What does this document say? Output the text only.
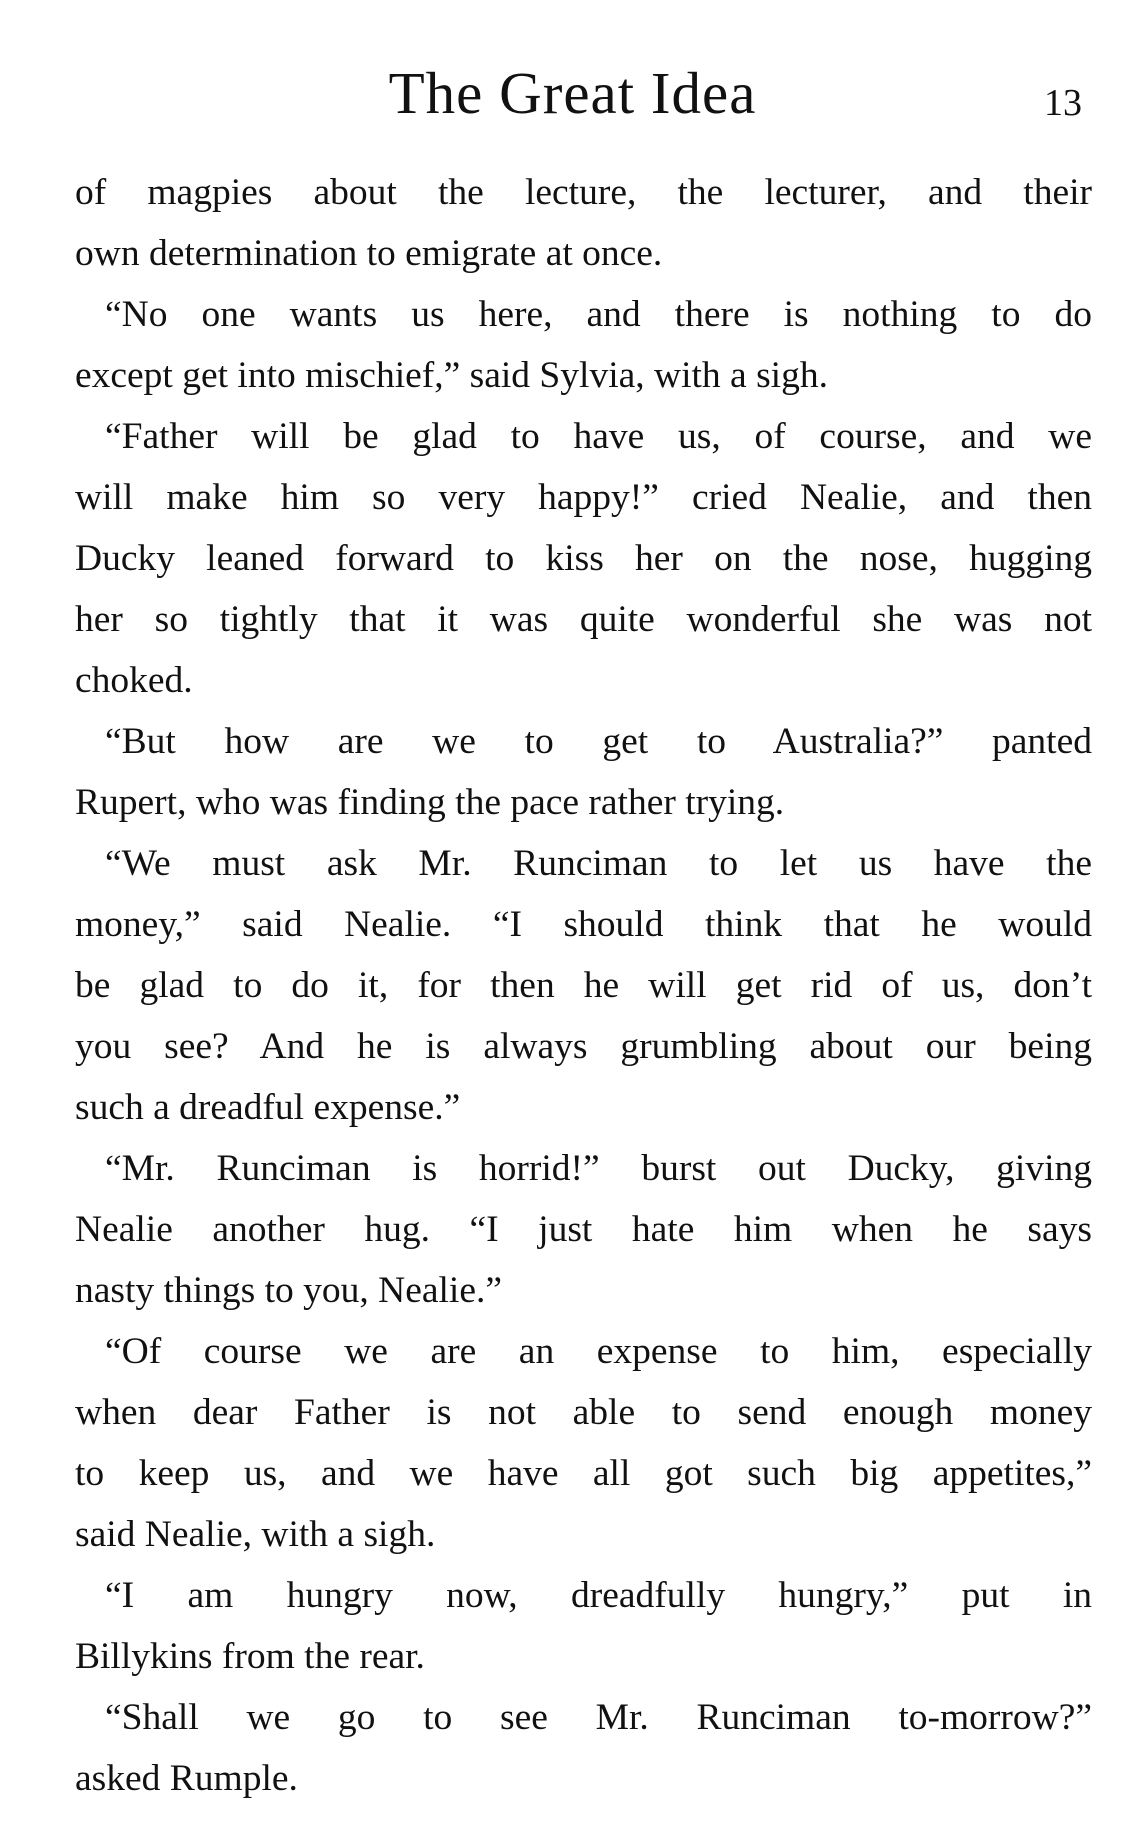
The Great Idea	13
of magpies about the lecture, the lecturer, and their
own determination to emigrate at once.
“No one wants us here, and there is nothing to do
except get into mischief,” said Sylvia, with a sigh.
“Father will be glad to have us, of course, and we
will make him so very happy!” cried Nealie, and then
Ducky leaned forward to kiss her on the nose, hugging
her so tightly that it was quite wonderful she was not
choked.
“But how are we to get to Australia?” panted
Rupert, who was finding the pace rather trying.
“We must ask Mr. Runciman to let us have the
money,” said Nealie. “I should think that he would
be glad to do it, for then he will get rid of us, don’t
you see? And he is always grumbling about our being
such a dreadful expense.”
“Mr. Runciman is horrid!” burst out Ducky, giving
Nealie another hug. “I just hate him when he says
nasty things to you, Nealie.”
“Of course we are an expense to him, especially
when dear Father is not able to send enough money
to keep us, and we have all got such big appetites,”
said Nealie, with a sigh.
“I am hungry now, dreadfully hungry,” put in
Billykins from the rear.
“Shall we go to see Mr. Runciman to-morrow?”
asked Rumple.
